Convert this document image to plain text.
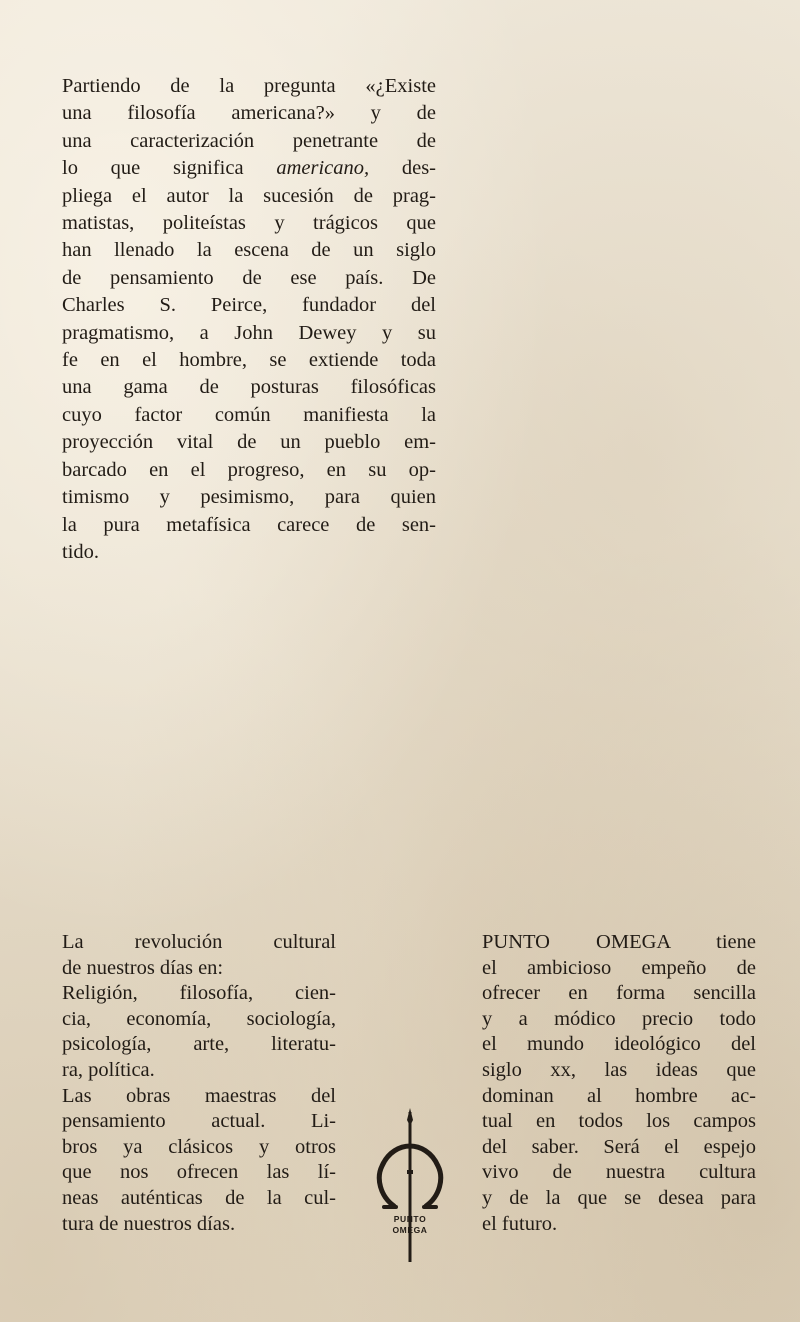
Partiendo de la pregunta «¿Existe
una filosofía americana?» y de
una caracterización penetrante de
lo que significa americano, des-
pliega el autor la sucesión de prag-
matistas, politeístas y trágicos que
han llenado la escena de un siglo
de pensamiento de ese país. De
Charles S. Peirce, fundador del
pragmatismo, a John Dewey y su
fe en el hombre, se extiende toda
una gama de posturas filosóficas
cuyo factor común manifiesta la
proyección vital de un pueblo em-
barcado en el progreso, en su op-
timismo y pesimismo, para quien
la pura metafísica carece de sen-
tido.
La revolución cultural
de nuestros días en:
Religión, filosofía, cien-
cia, economía, sociología,
psicología, arte, literatu-
ra, política.
Las obras maestras del
pensamiento actual. Li-
bros ya clásicos y otros
que nos ofrecen las lí-
neas auténticas de la cul-
tura de nuestros días.	PUNTO
OMEGA
PUNTO OMEGA tiene
el ambicioso empeño de
ofrecer en forma sencilla
y a módico precio todo
el mundo ideológico del
siglo xx, las ideas que
dominan al hombre ac-
tual en todos los campos
del saber. Será el espejo
vivo de nuestra cultura
y de la que se desea para
el futuro.
